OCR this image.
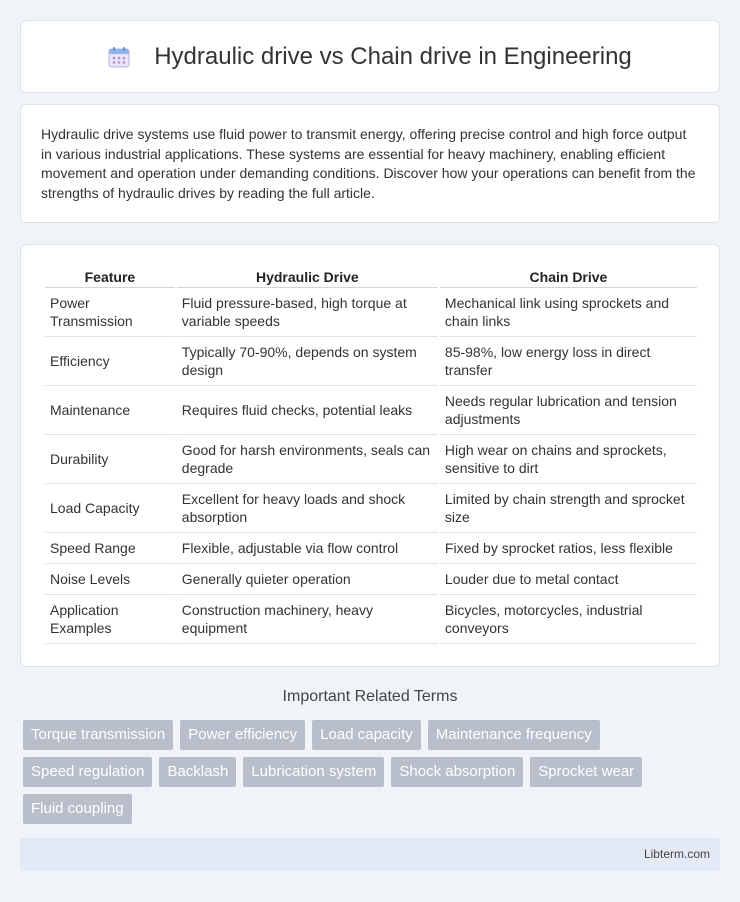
Hydraulic drive vs Chain drive in Engineering

Hydraulic drive systems use fluid power to transmit energy, offering precise control and high force output in various industrial applications. These systems are essential for heavy machinery, enabling efficient movement and operation under demanding conditions. Discover how your operations can benefit from the strengths of hydraulic drives by reading the full article.

Feature	Hydraulic Drive	Chain Drive
Power Transmission	Fluid pressure-based, high torque at variable speeds	Mechanical link using sprockets and chain links
Efficiency	Typically 70-90%, depends on system design	85-98%, low energy loss in direct transfer
Maintenance	Requires fluid checks, potential leaks	Needs regular lubrication and tension adjustments
Durability	Good for harsh environments, seals can degrade	High wear on chains and sprockets, sensitive to dirt
Load Capacity	Excellent for heavy loads and shock absorption	Limited by chain strength and sprocket size
Speed Range	Flexible, adjustable via flow control	Fixed by sprocket ratios, less flexible
Noise Levels	Generally quieter operation	Louder due to metal contact
Application Examples	Construction machinery, heavy equipment	Bicycles, motorcycles, industrial conveyors
Important Related Terms
Torque transmission	Power efficiency	Load capacity	Maintenance frequency
Speed regulation	Backlash	Lubrication system	Shock absorption	Sprocket wear
Fluid coupling
Libterm.com
